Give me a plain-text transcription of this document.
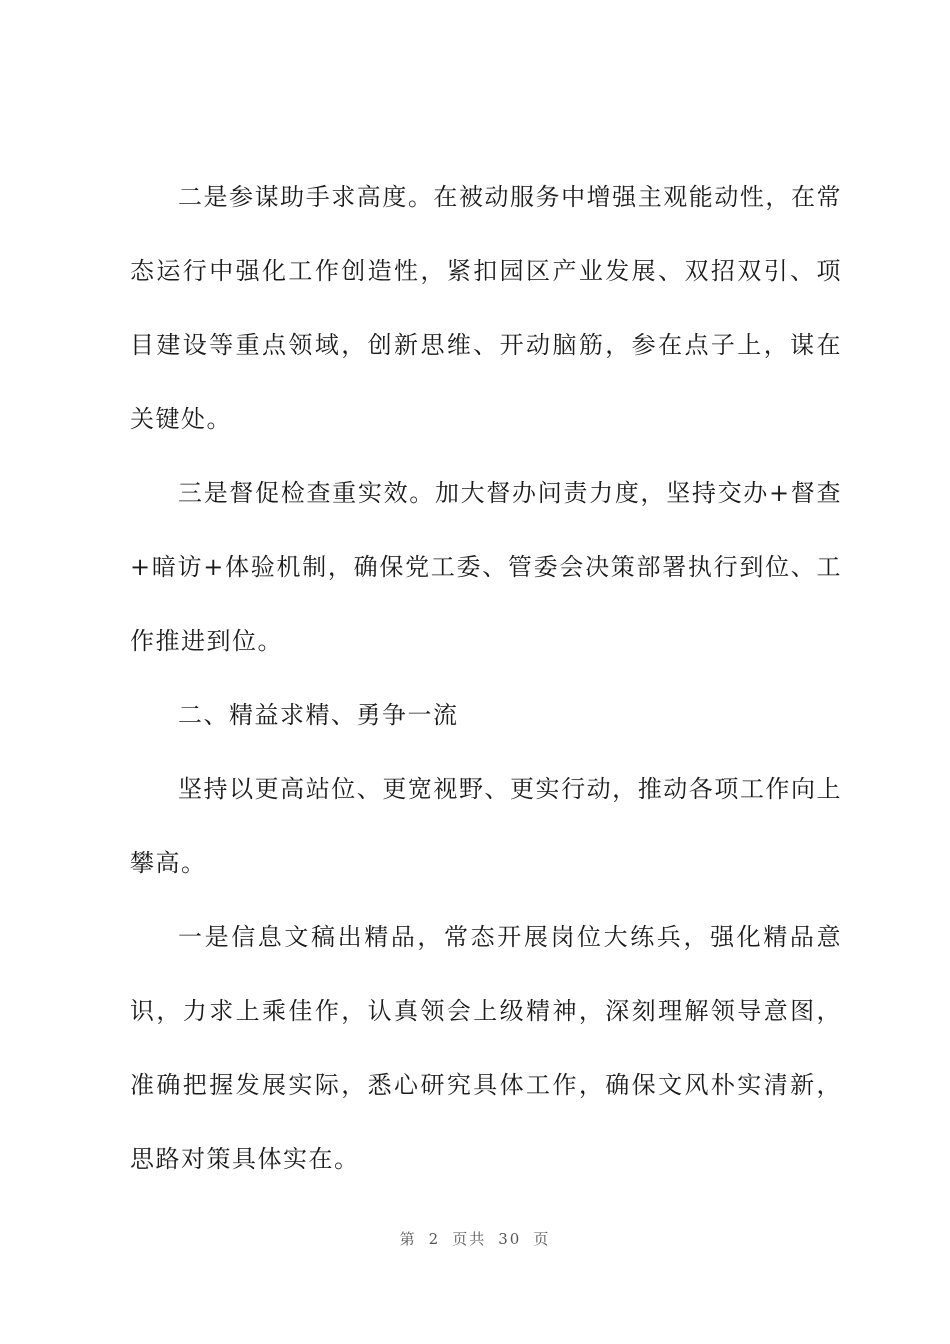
二是参谋助手求高度。在被动服务中增强主观能动性，在常态运行中强化工作创造性，紧扣园区产业发展、双招双引、项目建设等重点领域，创新思维、开动脑筋，参在点子上，谋在关键处。

三是督促检查重实效。加大督办问责力度，坚持交办+督查+暗访+体验机制，确保党工委、管委会决策部署执行到位、工作推进到位。

二、精益求精、勇争一流

坚持以更高站位、更宽视野、更实行动，推动各项工作向上攀高。

一是信息文稿出精品，常态开展岗位大练兵，强化精品意识，力求上乘佳作，认真领会上级精神，深刻理解领导意图，准确把握发展实际，悉心研究具体工作，确保文风朴实清新，思路对策具体实在。

第 2 页共 30 页
